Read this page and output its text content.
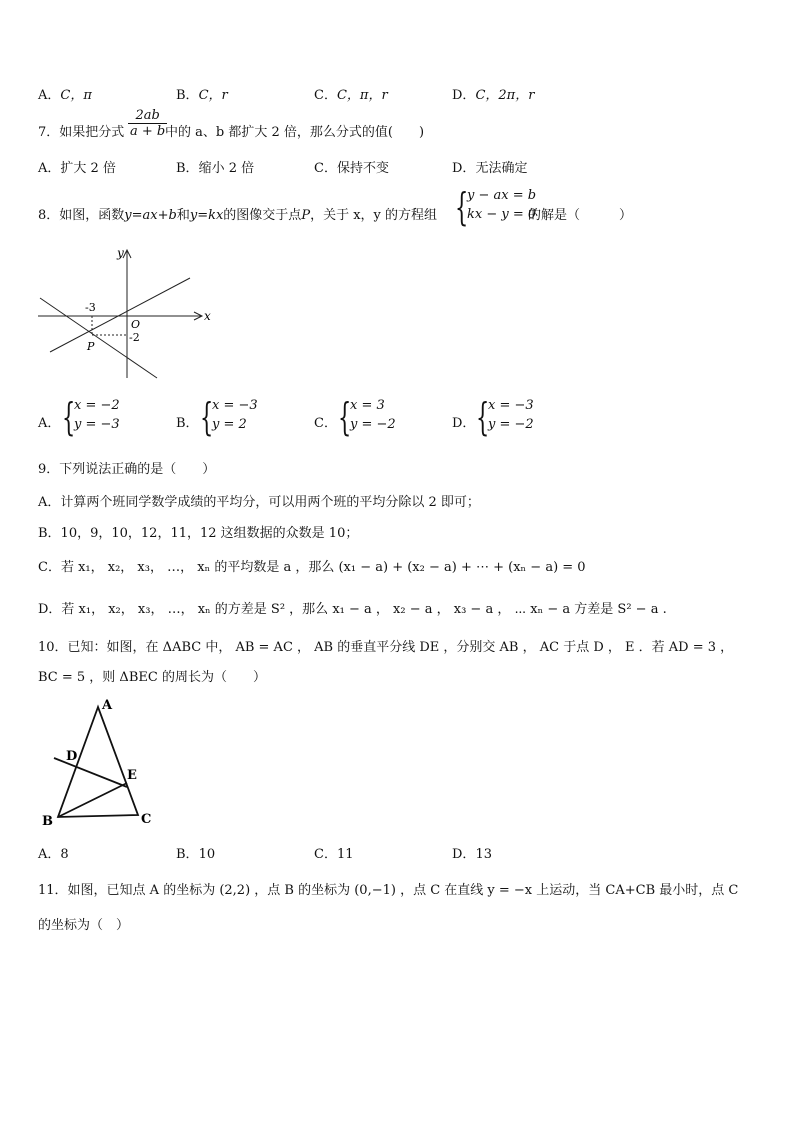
A．C，π	B．C，r	C．C，π，r	D．C，2π，r
7．如果把分式 $\frac{2ab}{a + b}$
中的 a、b 都扩大 2 倍，那么分式的值(　　)
A．扩大 2 倍	B．缩小 2 倍	C．保持不变	D．无法确定
8．如图，函数y=ax+b和y=kx的图像交于点P，关于 x，y 的方程组 {
y − ax = b
kx − y = 0
的解是（　　　）
x
y
O
P
-3
-2
A． {
x = −2
y = −3	B． {
x = −3
y = 2	C． {
x = 3
y = −2	D． {
x = −3
y = −2
9．下列说法正确的是（　　）
A．计算两个班同学数学成绩的平均分，可以用两个班的平均分除以 2 即可；
B．10，9，10，12，11，12 这组数据的众数是 10；
C．若 x₁， x₂， x₃， …， xₙ 的平均数是 a ，那么 (x₁ − a) + (x₂ − a) + ⋯ + (xₙ − a) = 0
D．若 x₁， x₂， x₃， …， xₙ 的方差是 S² ，那么 x₁ − a ， x₂ − a ， x₃ − a ， ⋯ xₙ − a 方差是 S² − a .
10．已知：如图，在 ΔABC 中， AB = AC ， AB 的垂直平分线 DE ，分别交 AB ， AC 于点 D ， E ．若 AD = 3 ，
BC = 5 ，则 ΔBEC 的周长为（　　）
A
B	C
D
E
A．8	B．10	C．11	D．13
11．如图，已知点 A 的坐标为 (2,2) ，点 B 的坐标为 (0,−1) ，点 C 在直线 y = −x 上运动，当 CA+CB 最小时，点 C
的坐标为（　）
